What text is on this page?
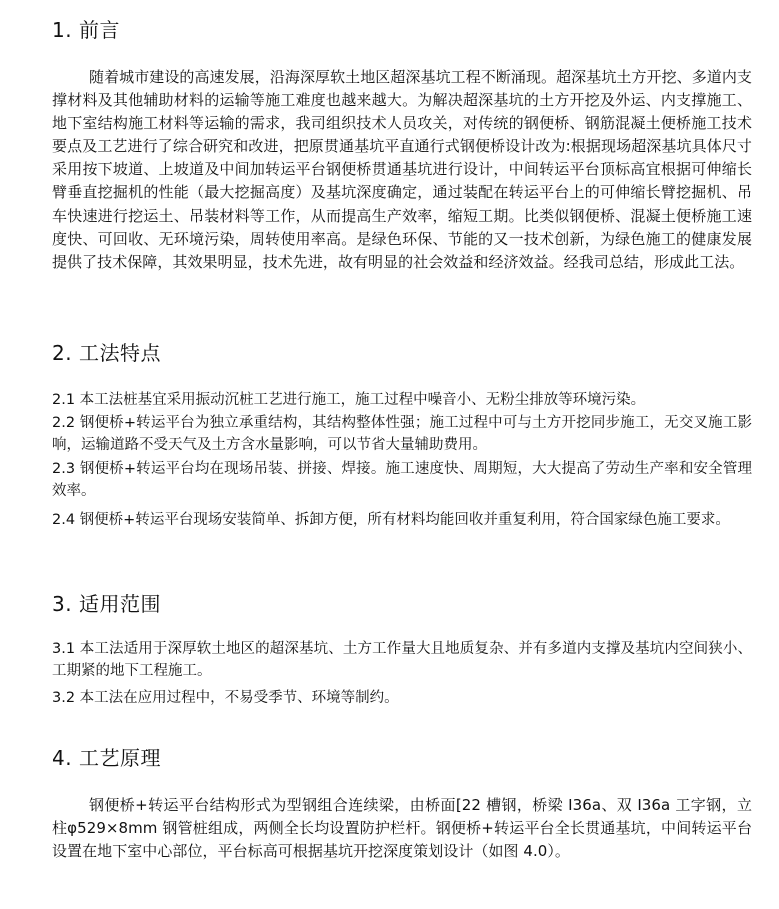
1. 前言
随着城市建设的高速发展，沿海深厚软土地区超深基坑工程不断涌现。超深基坑土方开挖、多道内支撑材料及其他辅助材料的运输等施工难度也越来越大。为解决超深基坑的土方开挖及外运、内支撑施工、地下室结构施工材料等运输的需求，我司组织技术人员攻关，对传统的钢便桥、钢筋混凝土便桥施工技术要点及工艺进行了综合研究和改进，把原贯通基坑平直通行式钢便桥设计改为:根据现场超深基坑具体尺寸采用按下坡道、上坡道及中间加转运平台钢便桥贯通基坑进行设计，中间转运平台顶标高宜根据可伸缩长臂垂直挖掘机的性能（最大挖掘高度）及基坑深度确定，通过装配在转运平台上的可伸缩长臂挖掘机、吊车快速进行挖运土、吊装材料等工作，从而提高生产效率，缩短工期。比类似钢便桥、混凝土便桥施工速度快、可回收、无环境污染，周转使用率高。是绿色环保、节能的又一技术创新，为绿色施工的健康发展提供了技术保障，其效果明显，技术先进，故有明显的社会效益和经济效益。经我司总结，形成此工法。
2. 工法特点
2.1 本工法桩基宜采用振动沉桩工艺进行施工，施工过程中噪音小、无粉尘排放等环境污染。
2.2 钢便桥+转运平台为独立承重结构，其结构整体性强；施工过程中可与土方开挖同步施工，无交叉施工影响，运输道路不受天气及土方含水量影响，可以节省大量辅助费用。
2.3 钢便桥+转运平台均在现场吊装、拼接、焊接。施工速度快、周期短，大大提高了劳动生产率和安全管理效率。
2.4 钢便桥+转运平台现场安装简单、拆卸方便，所有材料均能回收并重复利用，符合国家绿色施工要求。
3. 适用范围
3.1 本工法适用于深厚软土地区的超深基坑、土方工作量大且地质复杂、并有多道内支撑及基坑内空间狭小、工期紧的地下工程施工。
3.2 本工法在应用过程中，不易受季节、环境等制约。
4. 工艺原理
钢便桥+转运平台结构形式为型钢组合连续梁，由桥面[22 槽钢，桥梁 I36a、双 I36a 工字钢，立柱φ529×8mm 钢管桩组成，两侧全长均设置防护栏杆。钢便桥+转运平台全长贯通基坑，中间转运平台设置在地下室中心部位，平台标高可根据基坑开挖深度策划设计（如图 4.0）。
